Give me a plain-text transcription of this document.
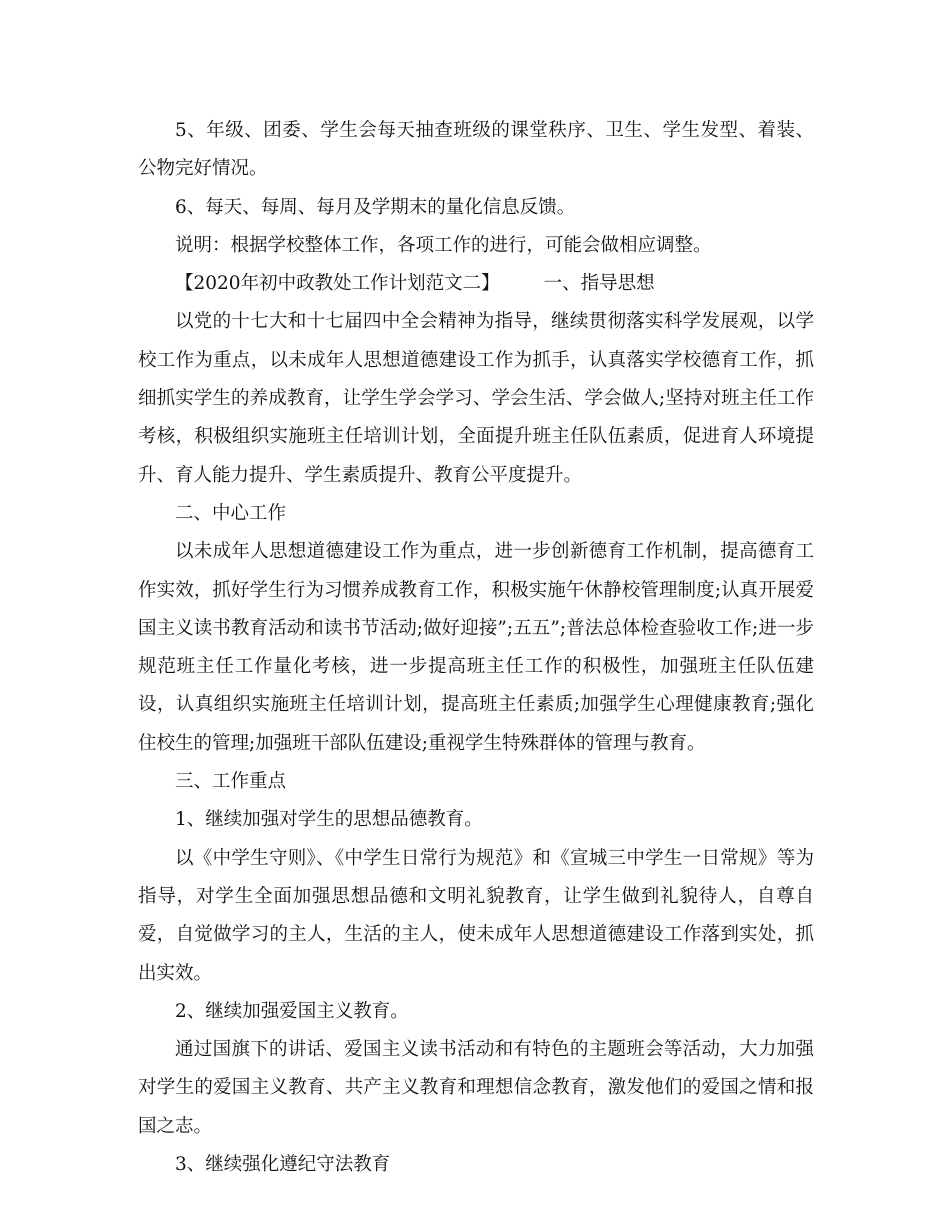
5、年级、团委、学生会每天抽查班级的课堂秩序、卫生、学生发型、着装、公物完好情况。

6、每天、每周、每月及学期末的量化信息反馈。

说明：根据学校整体工作，各项工作的进行，可能会做相应调整。

【2020年初中政教处工作计划范文二】 一、指导思想

以党的十七大和十七届四中全会精神为指导，继续贯彻落实科学发展观，以学校工作为重点，以未成年人思想道德建设工作为抓手，认真落实学校德育工作，抓细抓实学生的养成教育，让学生学会学习、学会生活、学会做人;坚持对班主任工作考核，积极组织实施班主任培训计划，全面提升班主任队伍素质，促进育人环境提升、育人能力提升、学生素质提升、教育公平度提升。

二、中心工作

以未成年人思想道德建设工作为重点，进一步创新德育工作机制，提高德育工作实效，抓好学生行为习惯养成教育工作，积极实施午休静校管理制度;认真开展爱国主义读书教育活动和读书节活动;做好迎接”;五五”;普法总体检查验收工作;进一步规范班主任工作量化考核，进一步提高班主任工作的积极性，加强班主任队伍建设，认真组织实施班主任培训计划，提高班主任素质;加强学生心理健康教育;强化住校生的管理;加强班干部队伍建设;重视学生特殊群体的管理与教育。

三、工作重点

1、继续加强对学生的思想品德教育。

以《中学生守则》、《中学生日常行为规范》和《宣城三中学生一日常规》等为指导，对学生全面加强思想品德和文明礼貌教育，让学生做到礼貌待人，自尊自爱，自觉做学习的主人，生活的主人，使未成年人思想道德建设工作落到实处，抓出实效。

2、继续加强爱国主义教育。

通过国旗下的讲话、爱国主义读书活动和有特色的主题班会等活动，大力加强对学生的爱国主义教育、共产主义教育和理想信念教育，激发他们的爱国之情和报国之志。

3、继续强化遵纪守法教育
